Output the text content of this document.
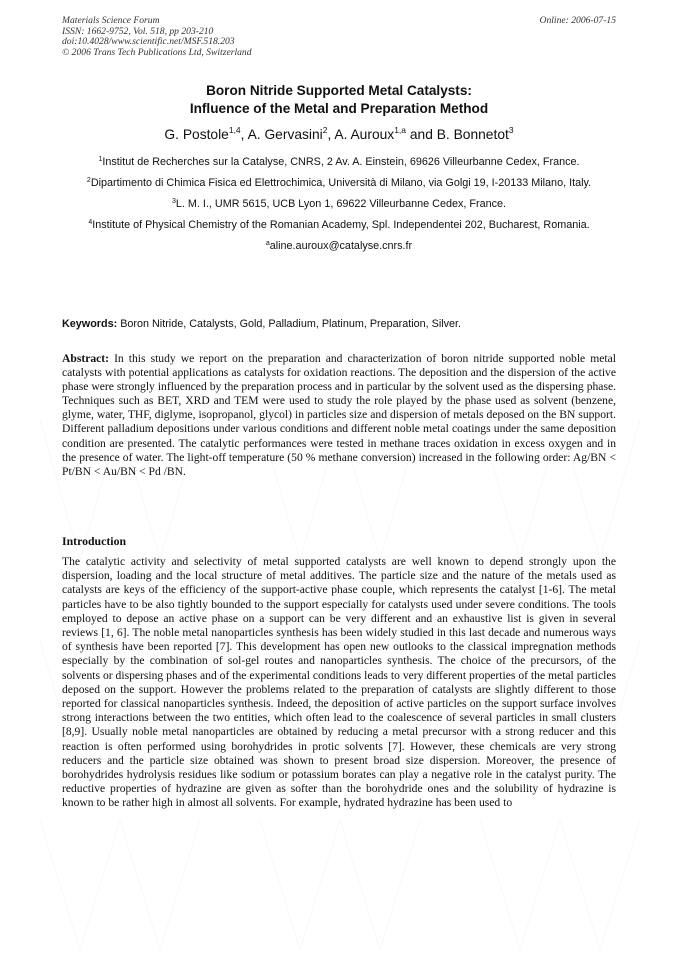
Materials Science Forum
ISSN: 1662-9752, Vol. 518, pp 203-210
doi:10.4028/www.scientific.net/MSF.518.203
© 2006 Trans Tech Publications Ltd, Switzerland
Online: 2006-07-15
Boron Nitride Supported Metal Catalysts:
Influence of the Metal and Preparation Method
G. Postole$^{1,4}$, A. Gervasini$^2$, A. Auroux$^{1,a}$ and B. Bonnetot$^3$

$^1$Institut de Recherches sur la Catalyse, CNRS, 2 Av. A. Einstein, 69626 Villeurbanne Cedex, France.

$^2$Dipartimento di Chimica Fisica ed Elettrochimica, Università di Milano, via Golgi 19, I-20133 Milano, Italy.

$^3$L. M. I., UMR 5615, UCB Lyon 1, 69622 Villeurbanne Cedex, France.

$^4$Institute of Physical Chemistry of the Romanian Academy, Spl. Independentei 202, Bucharest, Romania.

$^a$aline.auroux@catalyse.cnrs.fr

Keywords: Boron Nitride, Catalysts, Gold, Palladium, Platinum, Preparation, Silver.
Abstract: In this study we report on the preparation and characterization of boron nitride supported noble metal catalysts with potential applications as catalysts for oxidation reactions. The deposition and the dispersion of the active phase were strongly influenced by the preparation process and in particular by the solvent used as the dispersing phase. Techniques such as BET, XRD and TEM were used to study the role played by the phase used as solvent (benzene, glyme, water, THF, diglyme, isopropanol, glycol) in particles size and dispersion of metals deposed on the BN support. Different palladium depositions under various conditions and different noble metal coatings under the same deposition condition are presented. The catalytic performances were tested in methane traces oxidation in excess oxygen and in the presence of water. The light-off temperature (50 % methane conversion) increased in the following order: Ag/BN < Pt/BN < Au/BN < Pd /BN.
Introduction
The catalytic activity and selectivity of metal supported catalysts are well known to depend strongly upon the dispersion, loading and the local structure of metal additives. The particle size and the nature of the metals used as catalysts are keys of the efficiency of the support-active phase couple, which represents the catalyst [1-6]. The metal particles have to be also tightly bounded to the support especially for catalysts used under severe conditions. The tools employed to depose an active phase on a support can be very different and an exhaustive list is given in several reviews [1, 6]. The noble metal nanoparticles synthesis has been widely studied in this last decade and numerous ways of synthesis have been reported [7]. This development has open new outlooks to the classical impregnation methods especially by the combination of sol-gel routes and nanoparticles synthesis. The choice of the precursors, of the solvents or dispersing phases and of the experimental conditions leads to very different properties of the metal particles deposed on the support. However the problems related to the preparation of catalysts are slightly different to those reported for classical nanoparticles synthesis. Indeed, the deposition of active particles on the support surface involves strong interactions between the two entities, which often lead to the coalescence of several particles in small clusters [8,9]. Usually noble metal nanoparticles are obtained by reducing a metal precursor with a strong reducer and this reaction is often performed using borohydrides in protic solvents [7]. However, these chemicals are very strong reducers and the particle size obtained was shown to present broad size dispersion. Moreover, the presence of borohydrides hydrolysis residues like sodium or potassium borates can play a negative role in the catalyst purity. The reductive properties of hydrazine are given as softer than the borohydride ones and the solubility of hydrazine is known to be rather high in almost all solvents. For example, hydrated hydrazine has been used to
